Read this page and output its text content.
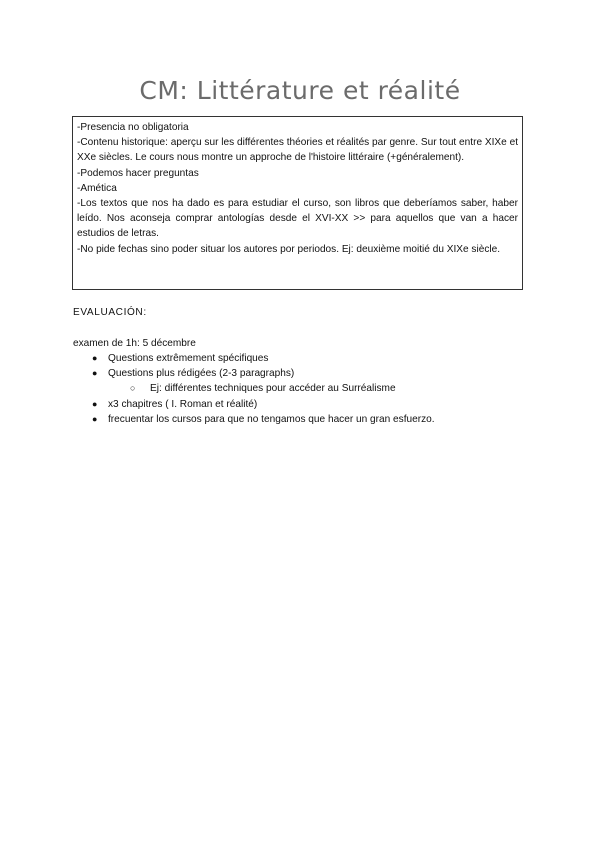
CM: Littérature et réalité

-Presencia no obligatoria

-Contenu historique: aperçu sur les différentes théories et réalités par genre. Sur tout entre XIXe et XXe siècles. Le cours nous montre un approche de l'histoire littéraire (+généralement).

-Podemos hacer preguntas

-Amética

-Los textos que nos ha dado es para estudiar el curso, son libros que deberíamos saber, haber leído. Nos aconseja comprar antologías desde el XVI-XX >> para aquellos que van a hacer estudios de letras.

-No pide fechas sino poder situar los autores por periodos. Ej: deuxième moitié du XIXe siècle.

EVALUACIÓN:

examen de 1h: 5 décembre

● Questions extrêmement spécifiques
● Questions plus rédigées (2-3 paragraphs)
○ Ej: différentes techniques pour accéder au Surréalisme
● x3 chapitres ( I. Roman et réalité)
● frecuentar los cursos para que no tengamos que hacer un gran esfuerzo.
